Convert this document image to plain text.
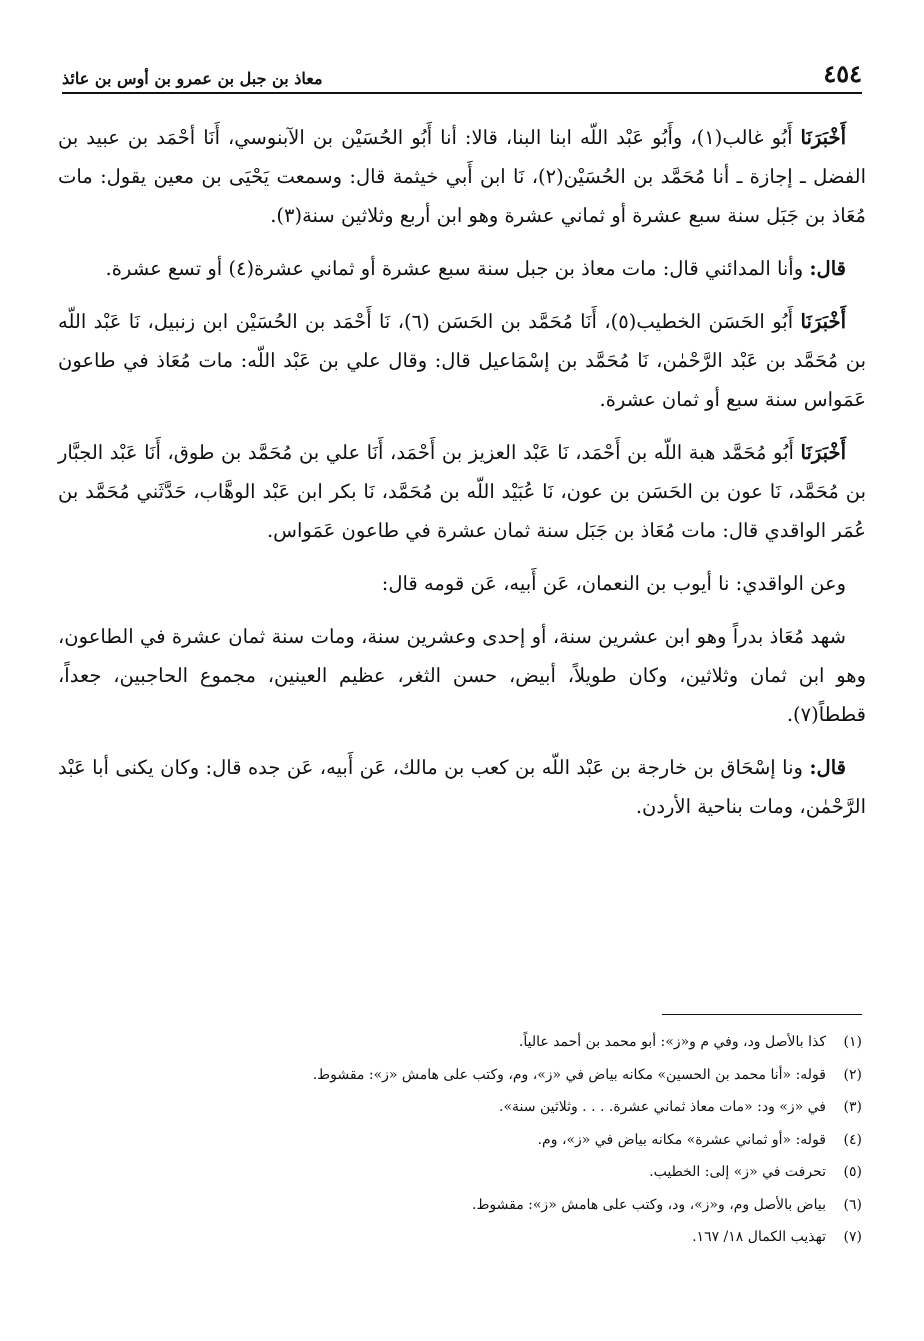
٤٥٤
معاذ بن جبل بن عمرو بن أوس بن عائذ

أَخْبَرَنَا أَبُو غالب(١)، وأَبُو عَبْد اللّه ابنا البنا، قالا: أنا أَبُو الحُسَيْن بن الآبنوسي، أَنَا أحْمَد بن عبيد بن الفضل ـ إجازة ـ أنا مُحَمَّد بن الحُسَيْن(٢)، نَا ابن أَبي خيثمة قال: وسمعت يَحْيَى بن معين يقول: مات مُعَاذ بن جَبَل سنة سبع عشرة أو ثماني عشرة وهو ابن أربع وثلاثين سنة(٣).

قال: وأنا المدائني قال: مات معاذ بن جبل سنة سبع عشرة أو ثماني عشرة(٤) أو تسع عشرة.

أَخْبَرَنَا أَبُو الحَسَن الخطيب(٥)، أَنَا مُحَمَّد بن الحَسَن (٦)، نَا أَحْمَد بن الحُسَيْن ابن زنبيل، نَا عَبْد اللّه بن مُحَمَّد بن عَبْد الرَّحْمٰن، نَا مُحَمَّد بن إسْمَاعيل قال: وقال علي بن عَبْد اللّه: مات مُعَاذ في طاعون عَمَواس سنة سبع أو ثمان عشرة.

أَخْبَرَنَا أَبُو مُحَمَّد هبة اللّه بن أَحْمَد، نَا عَبْد العزيز بن أَحْمَد، أَنَا علي بن مُحَمَّد بن طوق، أَنَا عَبْد الجبَّار بن مُحَمَّد، نَا عون بن الحَسَن بن عون، نَا عُبَيْد اللّه بن مُحَمَّد، نَا بكر ابن عَبْد الوهَّاب، حَدَّثَني مُحَمَّد بن عُمَر الواقدي قال: مات مُعَاذ بن جَبَل سنة ثمان عشرة في طاعون عَمَواس.

وعن الواقدي: نا أيوب بن النعمان، عَن أَبيه، عَن قومه قال:

شهد مُعَاذ بدراً وهو ابن عشرين سنة، أو إحدى وعشرين سنة، ومات سنة ثمان عشرة في الطاعون، وهو ابن ثمان وثلاثين، وكان طويلاً، أبيض، حسن الثغر، عظيم العينين، مجموع الحاجبين، جعداً، قططاً(٧).

قال: ونا إسْحَاق بن خارجة بن عَبْد اللّه بن كعب بن مالك، عَن أَبيه، عَن جده قال: وكان يكنى أبا عَبْد الرَّحْمٰن، ومات بناحية الأردن.

(١)
كذا بالأصل ود، وفي م و«ز»: أبو محمد بن أحمد عالياً.
(٢)
قوله: «أنا محمد بن الحسين» مكانه بياض في «ز»، وم، وكتب على هامش «ز»: مقشوط.
(٣)
في «ز» ود: «مات معاذ ثماني عشرة. . . . وثلاثين سنة».
(٤)
قوله: «أو ثماني عشرة» مكانه بياض في «ز»، وم.
(٥)
تحرفت في «ز» إلى: الخطيب.
(٦)
بياض بالأصل وم، و«ز»، ود، وكتب على هامش «ز»: مقشوط.
(٧)
تهذيب الكمال ١٨/ ١٦٧.
